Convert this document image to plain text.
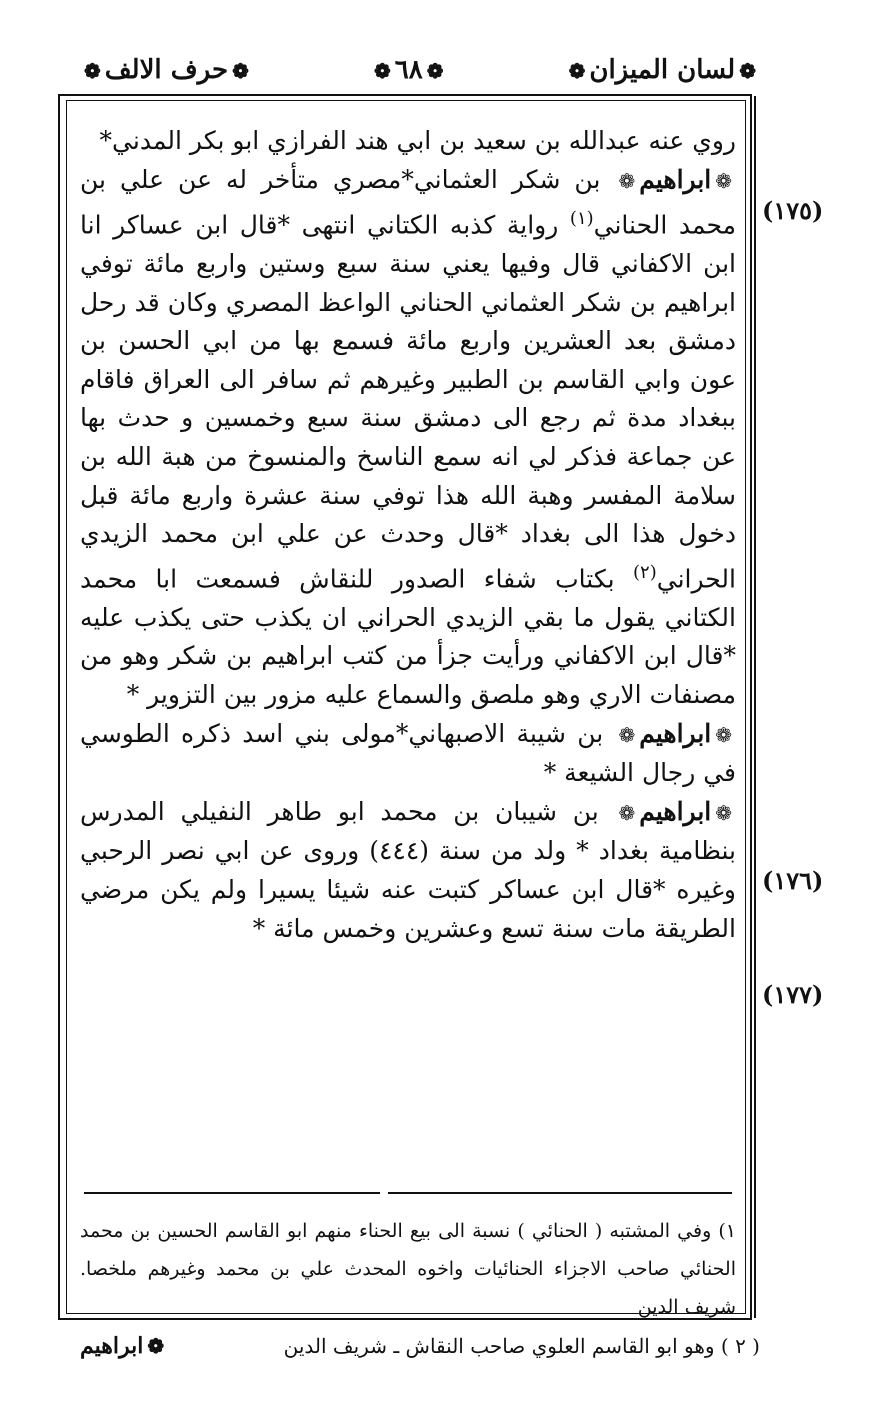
❁لسان الميزان❁
❁٦٨❁
❁حرف الالف❁
(١٧٥)
(١٧٦)
(١٧٧)

روي عنه عبدالله بن سعيد بن ابي هند الفرازي ابو بكر المدني*

❁ابراهيم❁ بن شكر العثماني*مصري متأخر له عن علي بن محمد الحناني$^{(١)}$ رواية كذبه الكتاني انتهى *قال ابن عساكر انا ابن الاكفاني قال وفيها يعني سنة سبع وستين واربع مائة توفي ابراهيم بن شكر العثماني الحناني الواعظ المصري وكان قد رحل دمشق بعد العشرين واربع مائة فسمع بها من ابي الحسن بن عون وابي القاسم بن الطبير وغيرهم ثم سافر الى العراق فاقام ببغداد مدة ثم رجع الى دمشق سنة سبع وخمسين و حدث بها عن جماعة فذكر لي انه سمع الناسخ والمنسوخ من هبة الله بن سلامة المفسر وهبة الله هذا توفي سنة عشرة واربع مائة قبل دخول هذا الى بغداد *قال وحدث عن علي ابن محمد الزيدي الحراني$^{(٢)}$ بكتاب شفاء الصدور للنقاش فسمعت ابا محمد الكتاني يقول ما بقي الزيدي الحراني ان يكذب حتى يكذب عليه *قال ابن الاكفاني ورأيت جزأ من كتب ابراهيم بن شكر وهو من مصنفات الاري وهو ملصق والسماع عليه مزور بين التزوير *

❁ابراهيم❁ بن شيبة الاصبهاني*مولى بني اسد ذكره الطوسي في رجال الشيعة *

❁ابراهيم❁ بن شيبان بن محمد ابو طاهر النفيلي المدرس بنظامية بغداد * ولد من سنة (٤٤٤) وروى عن ابي نصر الرحبي وغيره *قال ابن عساكر كتبت عنه شيئا يسيرا ولم يكن مرضي الطريقة مات سنة تسع وعشرين وخمس مائة *

١) وفي المشتبه ( الحنائي ) نسبة الى بيع الحناء منهم ابو القاسم الحسين بن محمد الحنائي صاحب الاجزاء الحنائيات واخوه المحدث علي بن محمد وغيرهم ملخصا. شريف الدين

( ٢ ) وهو ابو القاسم العلوي صاحب النقاش ـ شريف الدين
❁ابراهيم
